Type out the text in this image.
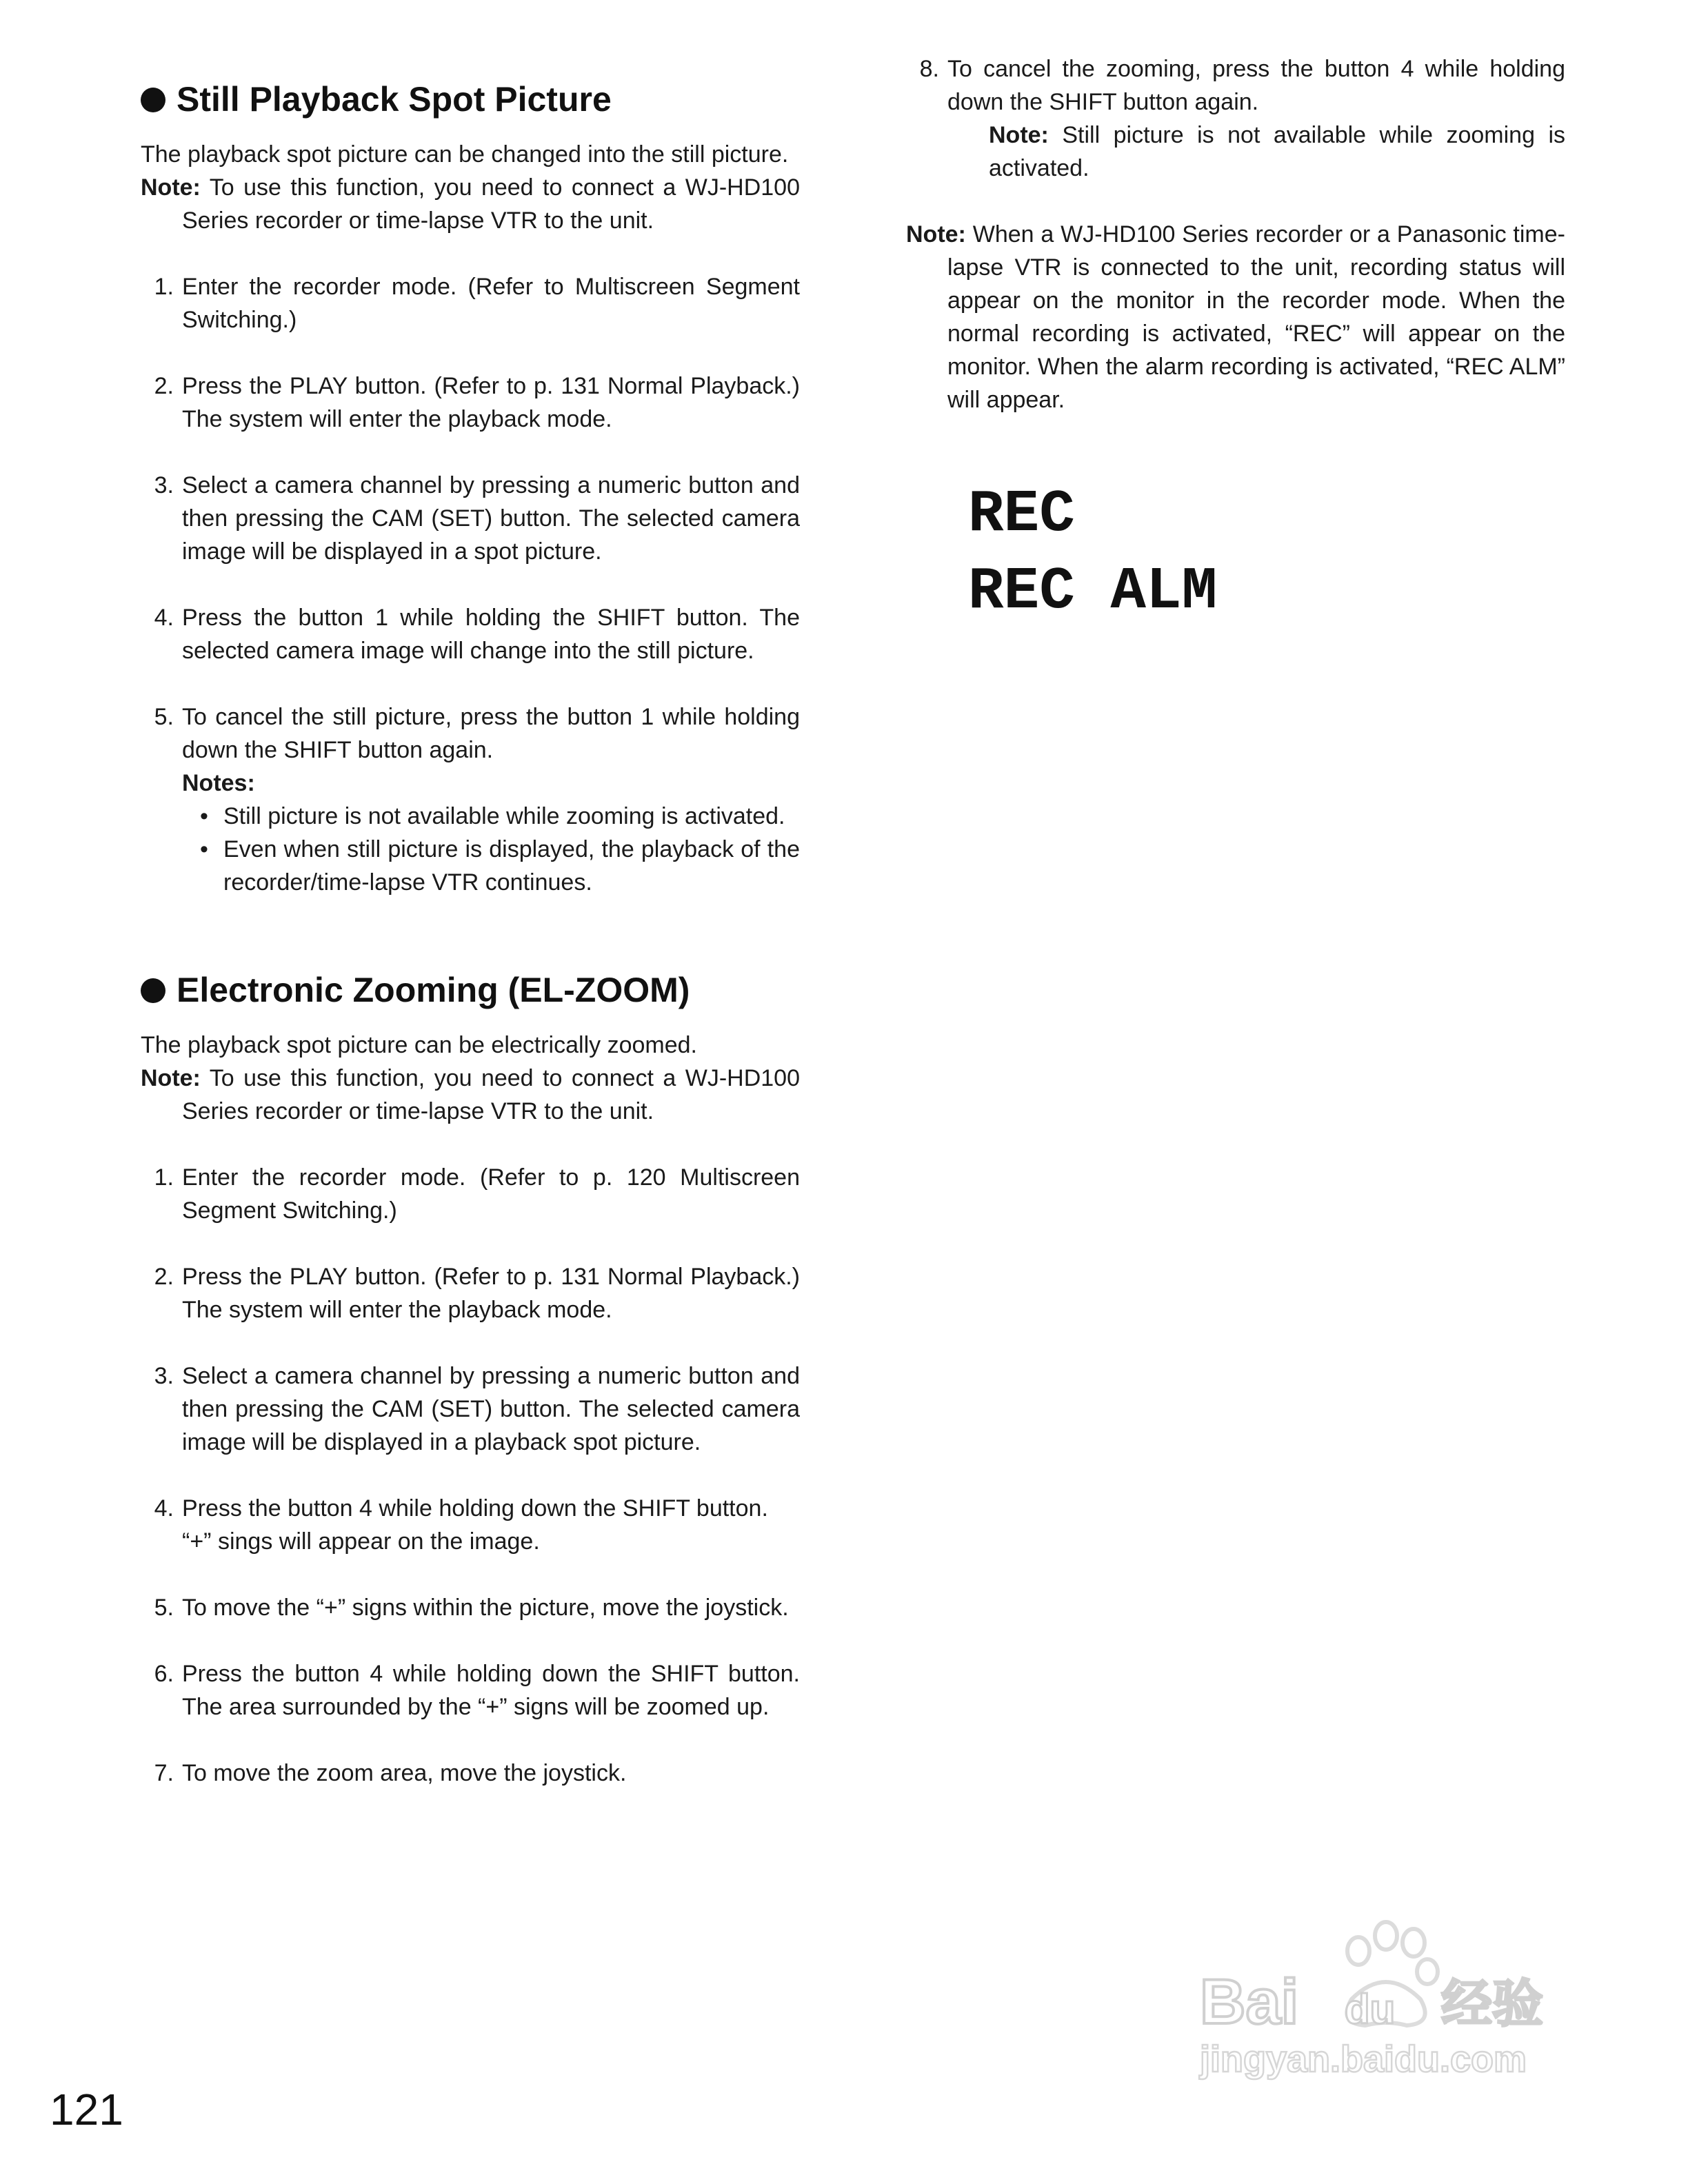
Still Playback Spot Picture

The playback spot picture can be changed into the still picture.

Note: To use this function, you need to connect a WJ-HD100 Series recorder or time-lapse VTR to the unit.

1. Enter the recorder mode. (Refer to Multiscreen Segment Switching.)
2. Press the PLAY button. (Refer to p. 131 Normal Playback.) The system will enter the playback mode.
3. Select a camera channel by pressing a numeric button and then pressing the CAM (SET) button. The selected camera image will be displayed in a spot picture.
4. Press the button 1 while holding the SHIFT button. The selected camera image will change into the still picture.
5. To cancel the still picture, press the button 1 while holding down the SHIFT button again.
Notes:
• Still picture is not available while zooming is activated.
• Even when still picture is displayed, the playback of the recorder/time-lapse VTR continues.
Electronic Zooming (EL-ZOOM)

The playback spot picture can be electrically zoomed.

Note: To use this function, you need to connect a WJ-HD100 Series recorder or time-lapse VTR to the unit.

1. Enter the recorder mode. (Refer to p. 120 Multiscreen Segment Switching.)
2. Press the PLAY button. (Refer to p. 131 Normal Playback.) The system will enter the playback mode.
3. Select a camera channel by pressing a numeric button and then pressing the CAM (SET) button. The selected camera image will be displayed in a playback spot picture.
4. Press the button 4 while holding down the SHIFT button.
“+” sings will appear on the image.
5. To move the “+” signs within the picture, move the joystick.
6. Press the button 4 while holding down the SHIFT button. The area surrounded by the “+” signs will be zoomed up.
7. To move the zoom area, move the joystick.
8. To cancel the zooming, press the button 4 while holding down the SHIFT button again.

Note: Still picture is not available while zooming is activated.

Note: When a WJ-HD100 Series recorder or a Panasonic time-lapse VTR is connected to the unit, recording status will appear on the monitor in the recorder mode. When the normal recording is activated, “REC” will appear on the monitor. When the alarm recording is activated, “REC ALM” will appear.

REC
REC ALM
121
Bai du 经验
jingyan.baidu.com
